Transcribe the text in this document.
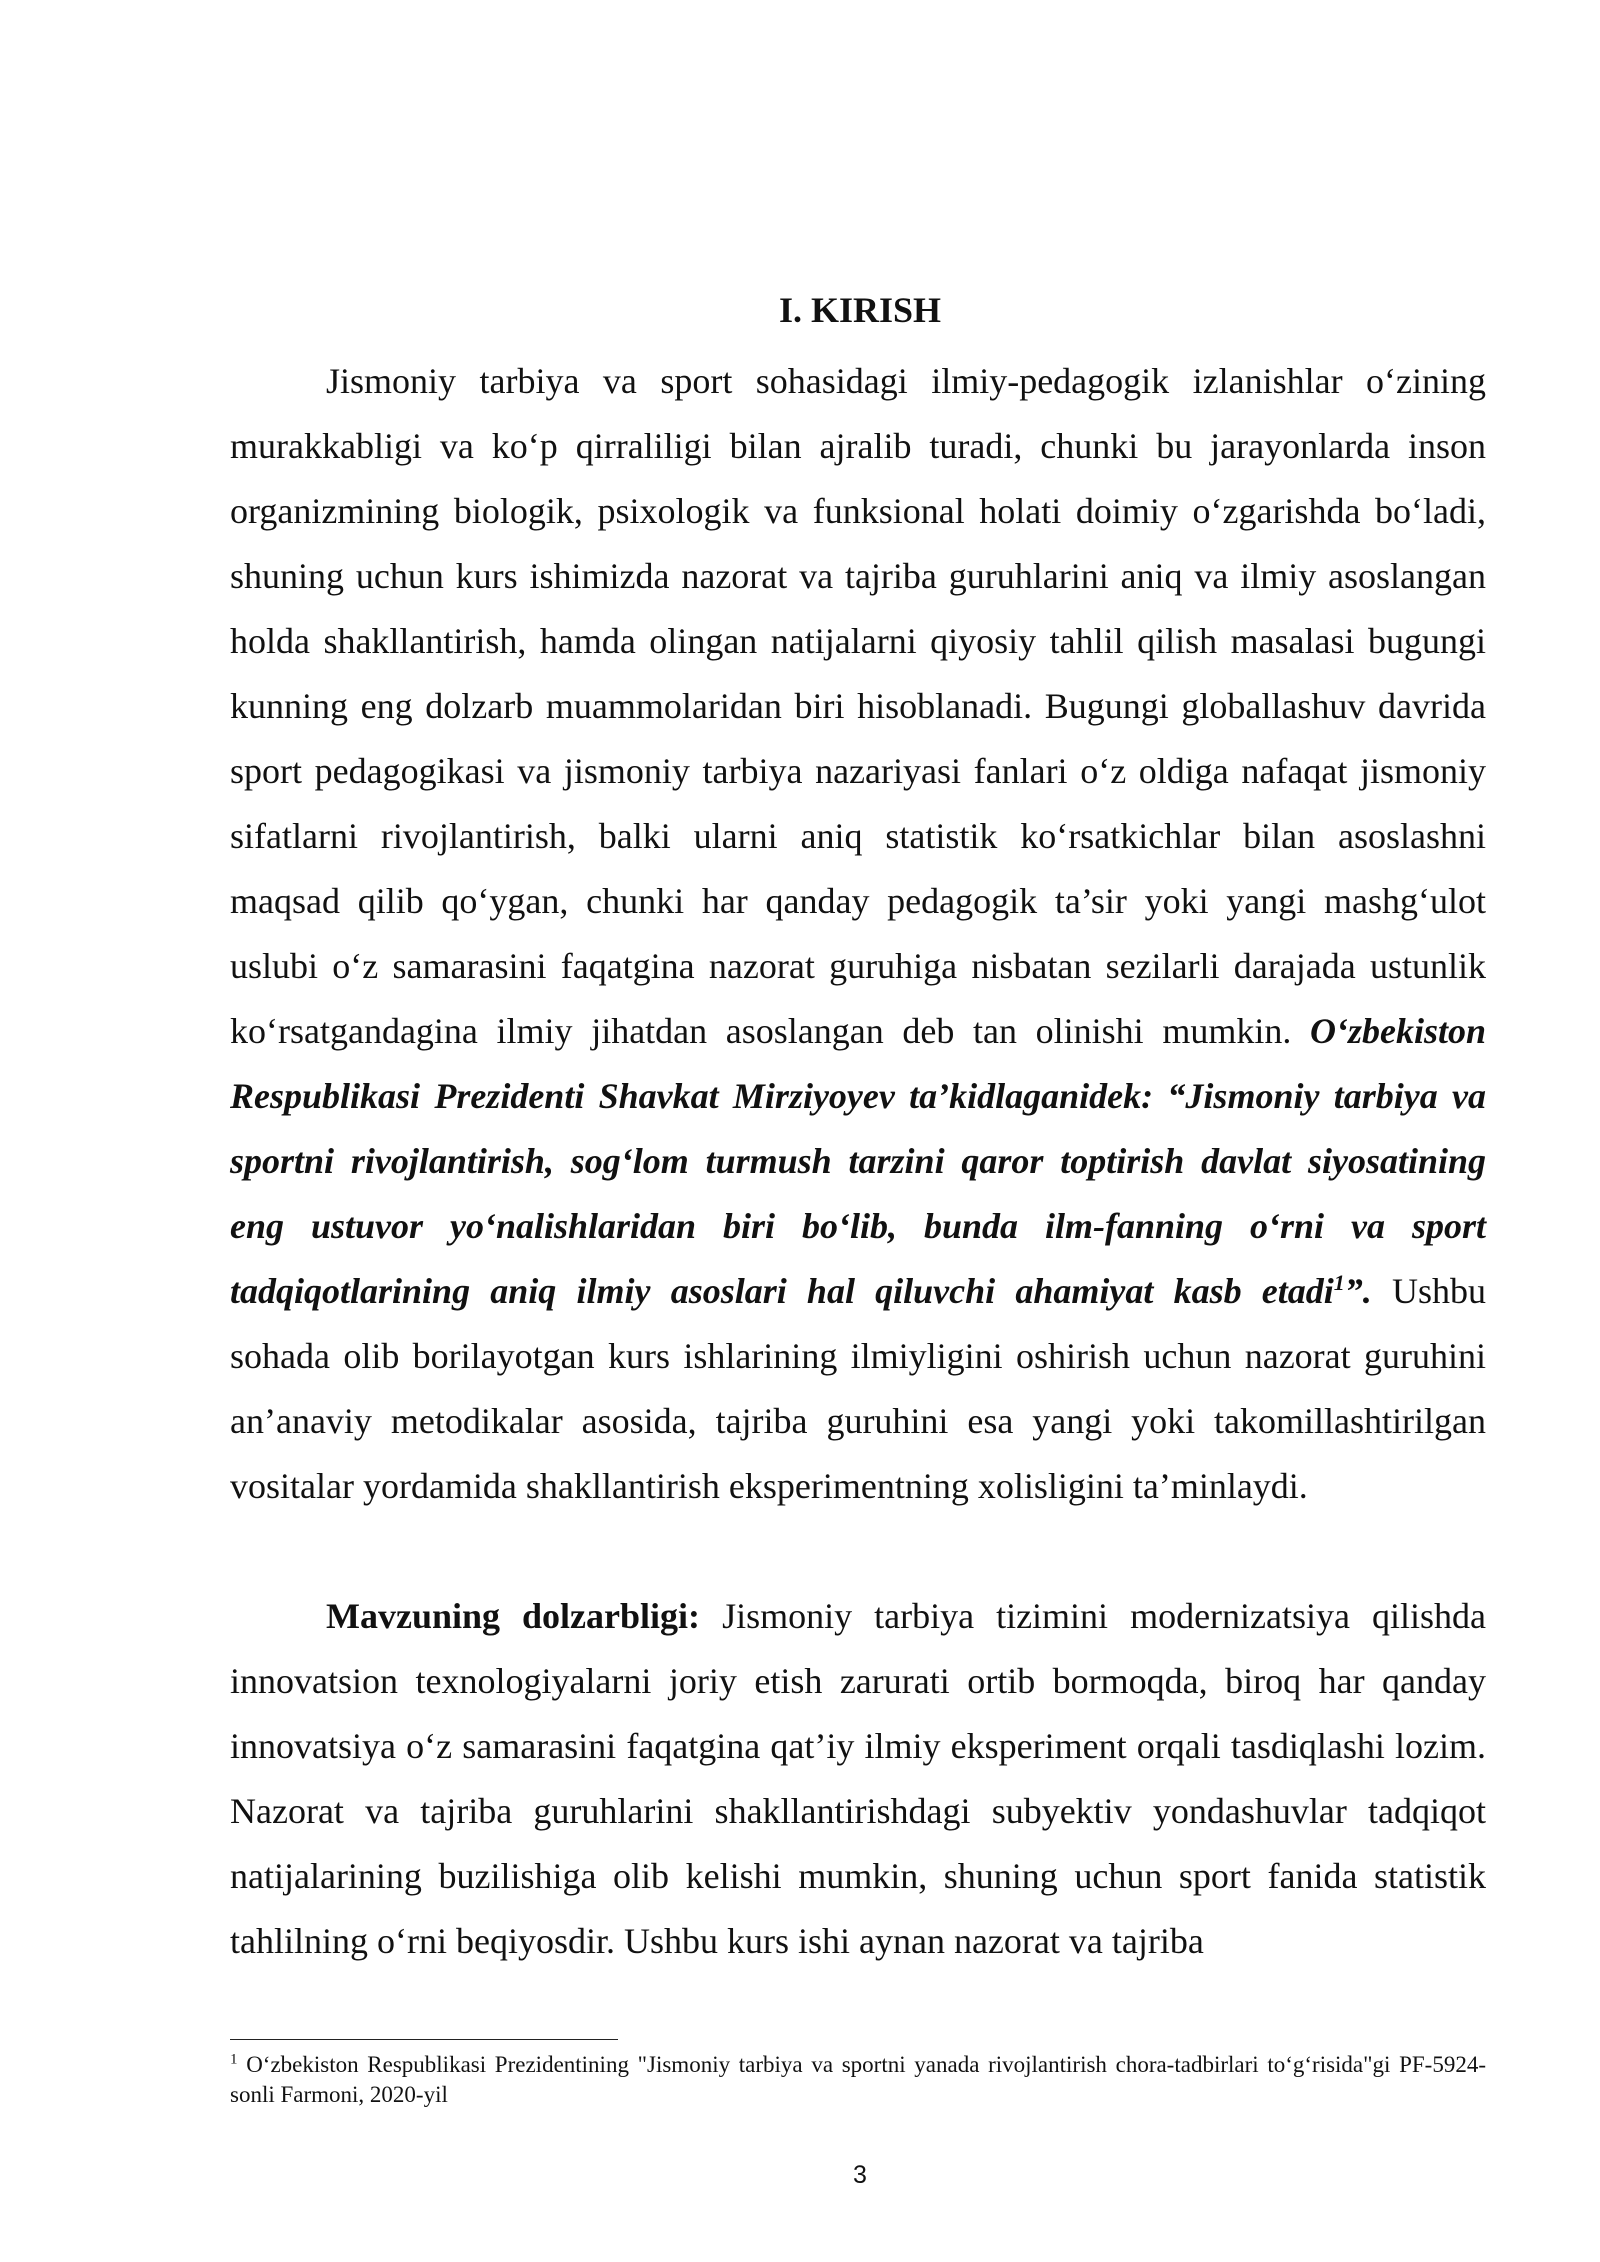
I. KIRISH

Jismoniy tarbiya va sport sohasidagi ilmiy-pedagogik izlanishlar o‘zining murakkabligi va ko‘p qirraliligi bilan ajralib turadi, chunki bu jarayonlarda inson organizmining biologik, psixologik va funksional holati doimiy o‘zgarishda bo‘ladi, shuning uchun kurs ishimizda nazorat va tajriba guruhlarini aniq va ilmiy asoslangan holda shakllantirish, hamda olingan natijalarni qiyosiy tahlil qilish masalasi bugungi kunning eng dolzarb muammolaridan biri hisoblanadi. Bugungi globallashuv davrida sport pedagogikasi va jismoniy tarbiya nazariyasi fanlari o‘z oldiga nafaqat jismoniy sifatlarni rivojlantirish, balki ularni aniq statistik ko‘rsatkichlar bilan asoslashni maqsad qilib qo‘ygan, chunki har qanday pedagogik ta’sir yoki yangi mashg‘ulot uslubi o‘z samarasini faqatgina nazorat guruhiga nisbatan sezilarli darajada ustunlik ko‘rsatgandagina ilmiy jihatdan asoslangan deb tan olinishi mumkin. O‘zbekiston Respublikasi Prezidenti Shavkat Mirziyoyev ta’kidlaganidek: “Jismoniy tarbiya va sportni rivojlantirish, sog‘lom turmush tarzini qaror toptirish davlat siyosatining eng ustuvor yo‘nalishlaridan biri bo‘lib, bunda ilm-fanning o‘rni va sport tadqiqotlarining aniq ilmiy asoslari hal qiluvchi ahamiyat kasb etadi$^1$”. Ushbu sohada olib borilayotgan kurs ishlarining ilmiyligini oshirish uchun nazorat guruhini an’anaviy metodikalar asosida, tajriba guruhini esa yangi yoki takomillashtirilgan vositalar yordamida shakllantirish eksperimentning xolisligini ta’minlaydi.

Mavzuning dolzarbligi: Jismoniy tarbiya tizimini modernizatsiya qilishda innovatsion texnologiyalarni joriy etish zarurati ortib bormoqda, biroq har qanday innovatsiya o‘z samarasini faqatgina qat’iy ilmiy eksperiment orqali tasdiqlashi lozim. Nazorat va tajriba guruhlarini shakllantirishdagi subyektiv yondashuvlar tadqiqot natijalarining buzilishiga olib kelishi mumkin, shuning uchun sport fanida statistik tahlilning o‘rni beqiyosdir. Ushbu kurs ishi aynan nazorat va tajriba

$^1$ O‘zbekiston Respublikasi Prezidentining "Jismoniy tarbiya va sportni yanada rivojlantirish chora-tadbirlari to‘g‘risida"gi PF-5924-sonli Farmoni, 2020-yil

3
